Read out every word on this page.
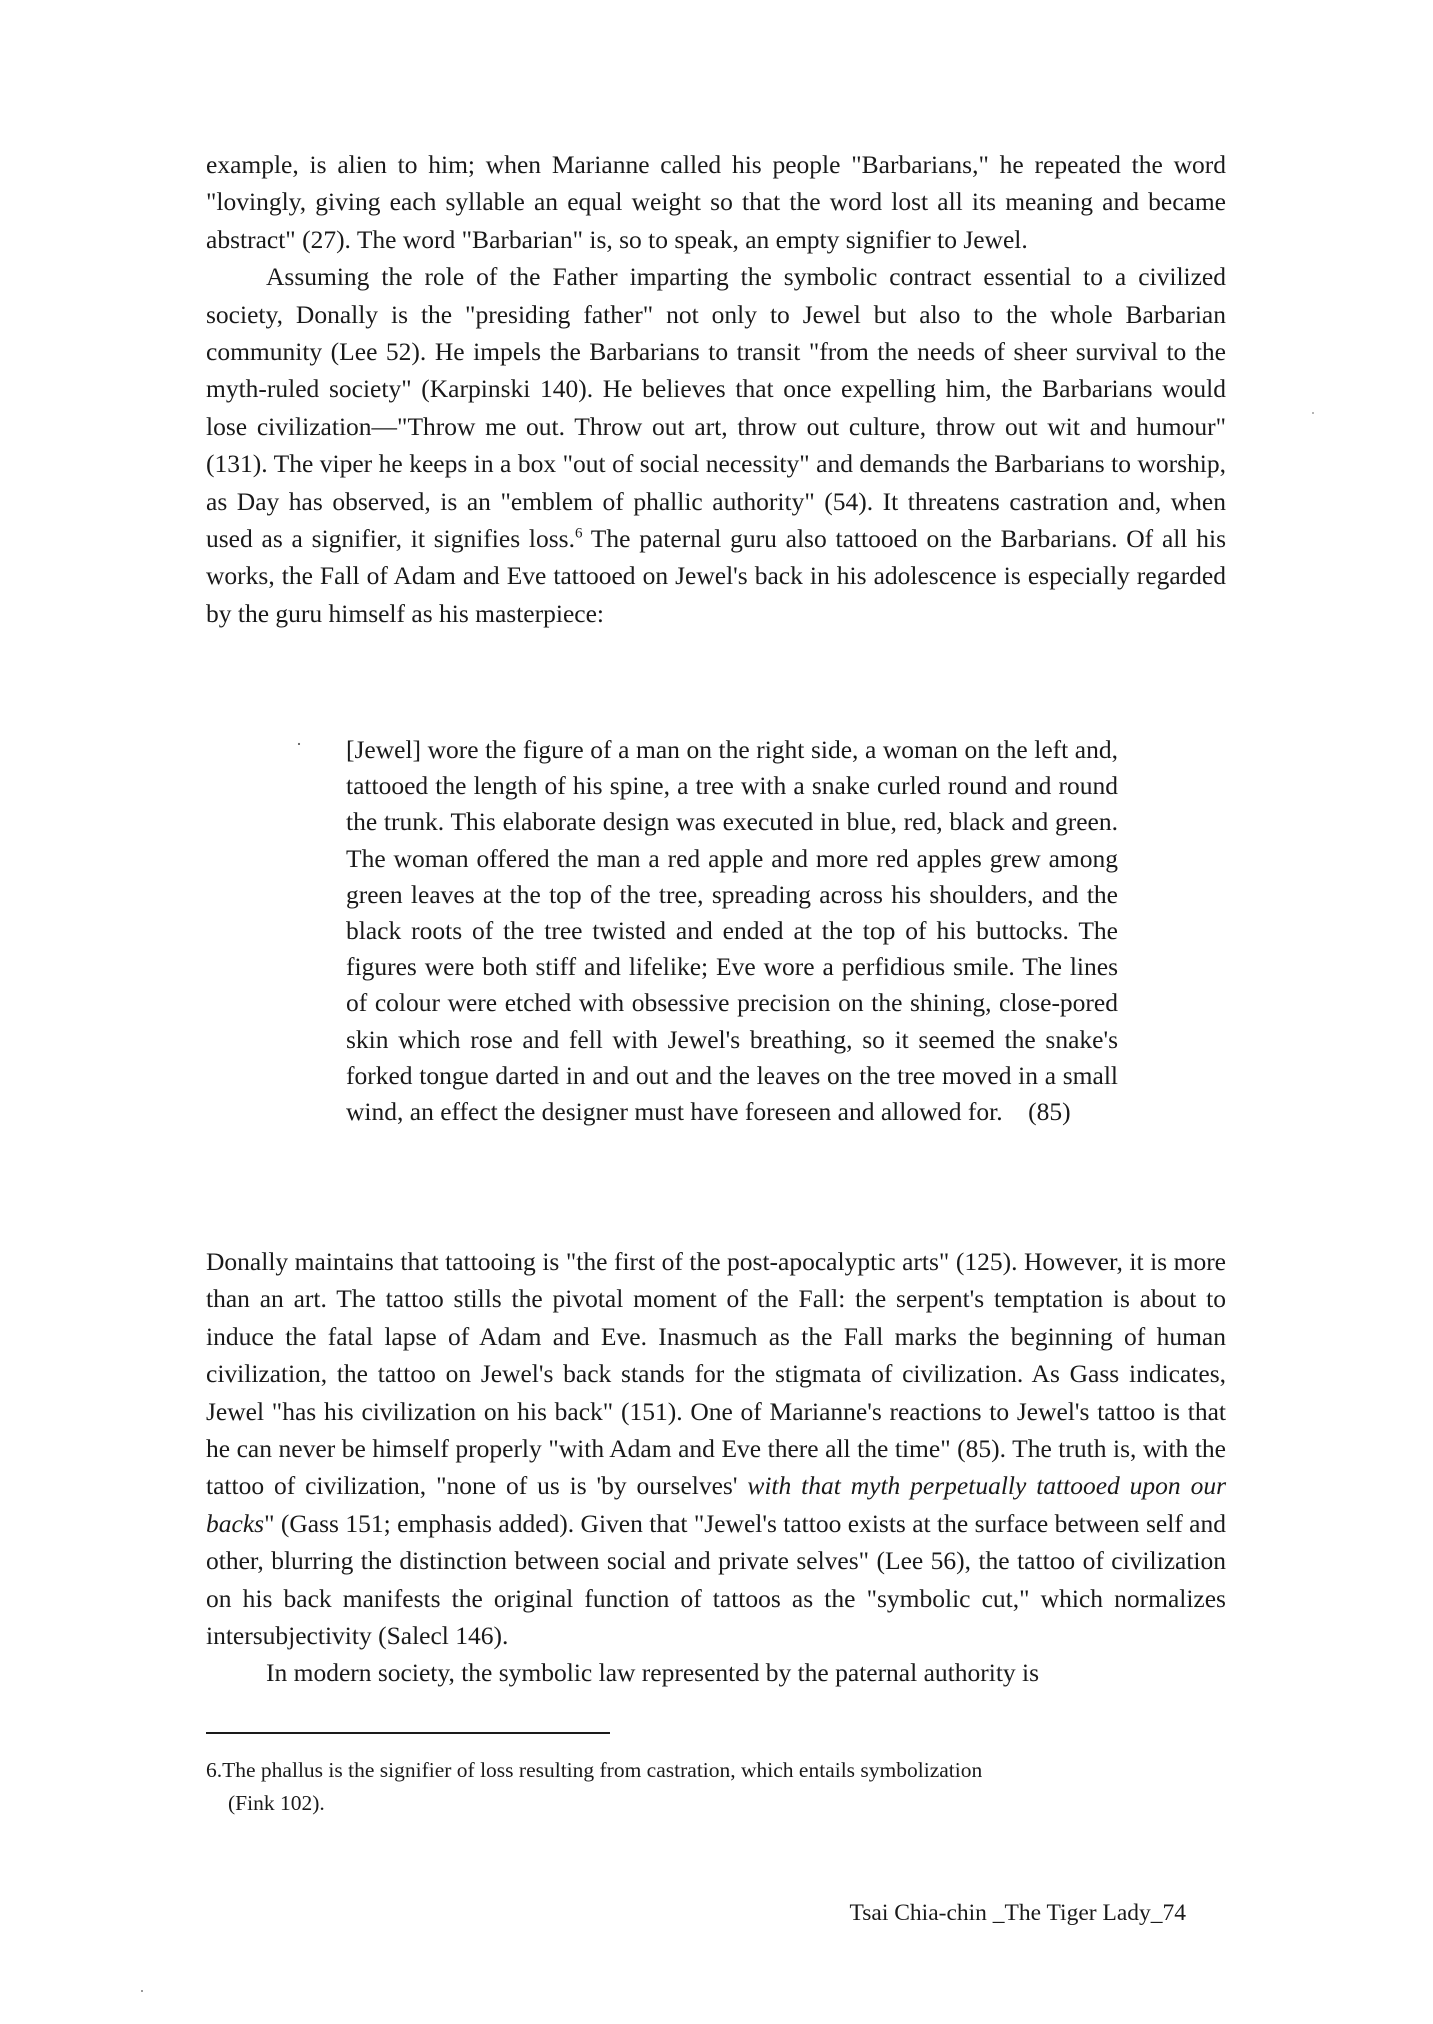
example, is alien to him; when Marianne called his people "Barbarians," he repeated the word "lovingly, giving each syllable an equal weight so that the word lost all its meaning and became abstract" (27). The word "Barbarian" is, so to speak, an empty signifier to Jewel.

Assuming the role of the Father imparting the symbolic contract essential to a civilized society, Donally is the "presiding father" not only to Jewel but also to the whole Barbarian community (Lee 52). He impels the Barbarians to transit "from the needs of sheer survival to the myth-ruled society" (Karpinski 140). He believes that once expelling him, the Barbarians would lose civilization—"Throw me out. Throw out art, throw out culture, throw out wit and humour" (131). The viper he keeps in a box "out of social necessity" and demands the Barbarians to worship, as Day has observed, is an "emblem of phallic authority" (54). It threatens castration and, when used as a signifier, it signifies loss.$^6$ The paternal guru also tattooed on the Barbarians. Of all his works, the Fall of Adam and Eve tattooed on Jewel's back in his adolescence is especially regarded by the guru himself as his masterpiece:

· [Jewel] wore the figure of a man on the right side, a woman on the left and, tattooed the length of his spine, a tree with a snake curled round and round the trunk. This elaborate design was executed in blue, red, black and green. The woman offered the man a red apple and more red apples grew among green leaves at the top of the tree, spreading across his shoulders, and the black roots of the tree twisted and ended at the top of his buttocks. The figures were both stiff and lifelike; Eve wore a perfidious smile. The lines of colour were etched with obsessive precision on the shining, close-pored skin which rose and fell with Jewel's breathing, so it seemed the snake's forked tongue darted in and out and the leaves on the tree moved in a small wind, an effect the designer must have foreseen and allowed for. (85)

Donally maintains that tattooing is "the first of the post-apocalyptic arts" (125). However, it is more than an art. The tattoo stills the pivotal moment of the Fall: the serpent's temptation is about to induce the fatal lapse of Adam and Eve. Inasmuch as the Fall marks the beginning of human civilization, the tattoo on Jewel's back stands for the stigmata of civilization. As Gass indicates, Jewel "has his civilization on his back" (151). One of Marianne's reactions to Jewel's tattoo is that he can never be himself properly "with Adam and Eve there all the time" (85). The truth is, with the tattoo of civilization, "none of us is 'by ourselves' with that myth perpetually tattooed upon our backs" (Gass 151; emphasis added). Given that "Jewel's tattoo exists at the surface between self and other, blurring the distinction between social and private selves" (Lee 56), the tattoo of civilization on his back manifests the original function of tattoos as the "symbolic cut," which normalizes intersubjectivity (Salecl 146).

In modern society, the symbolic law represented by the paternal authority is

6.The phallus is the signifier of loss resulting from castration, which entails symbolization

(Fink 102).

Tsai Chia-chin _The Tiger Lady_74
